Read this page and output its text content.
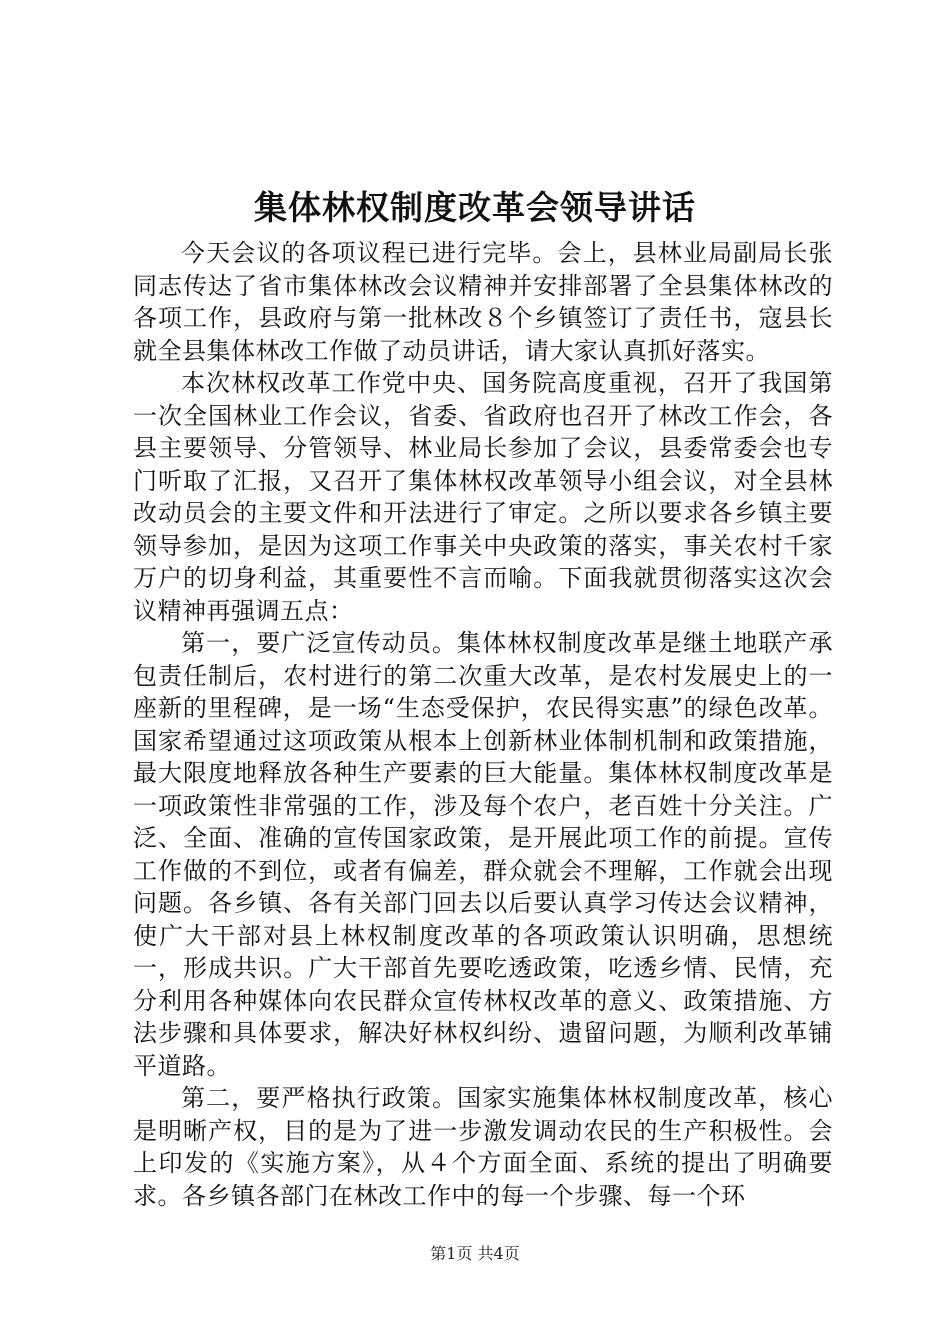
集体林权制度改革会领导讲话

今天会议的各项议程已进行完毕。会上，县林业局副局长张同志传达了省市集体林改会议精神并安排部署了全县集体林改的各项工作，县政府与第一批林改８个乡镇签订了责任书，寇县长就全县集体林改工作做了动员讲话，请大家认真抓好落实。

本次林权改革工作党中央、国务院高度重视，召开了我国第一次全国林业工作会议，省委、省政府也召开了林改工作会，各县主要领导、分管领导、林业局长参加了会议，县委常委会也专门听取了汇报，又召开了集体林权改革领导小组会议，对全县林改动员会的主要文件和开法进行了审定。之所以要求各乡镇主要领导参加，是因为这项工作事关中央政策的落实，事关农村千家万户的切身利益，其重要性不言而喻。下面我就贯彻落实这次会议精神再强调五点：

第一，要广泛宣传动员。集体林权制度改革是继土地联产承包责任制后，农村进行的第二次重大改革，是农村发展史上的一座新的里程碑，是一场“生态受保护，农民得实惠”的绿色改革。国家希望通过这项政策从根本上创新林业体制机制和政策措施，最大限度地释放各种生产要素的巨大能量。集体林权制度改革是一项政策性非常强的工作，涉及每个农户，老百姓十分关注。广泛、全面、准确的宣传国家政策，是开展此项工作的前提。宣传工作做的不到位，或者有偏差，群众就会不理解，工作就会出现问题。各乡镇、各有关部门回去以后要认真学习传达会议精神，使广大干部对县上林权制度改革的各项政策认识明确，思想统一，形成共识。广大干部首先要吃透政策，吃透乡情、民情，充分利用各种媒体向农民群众宣传林权改革的意义、政策措施、方法步骤和具体要求，解决好林权纠纷、遗留问题，为顺利改革铺平道路。

第二，要严格执行政策。国家实施集体林权制度改革，核心是明晰产权，目的是为了进一步激发调动农民的生产积极性。会上印发的《实施方案》，从４个方面全面、系统的提出了明确要求。各乡镇各部门在林改工作中的每一个步骤、每一个环

第1页 共4页
